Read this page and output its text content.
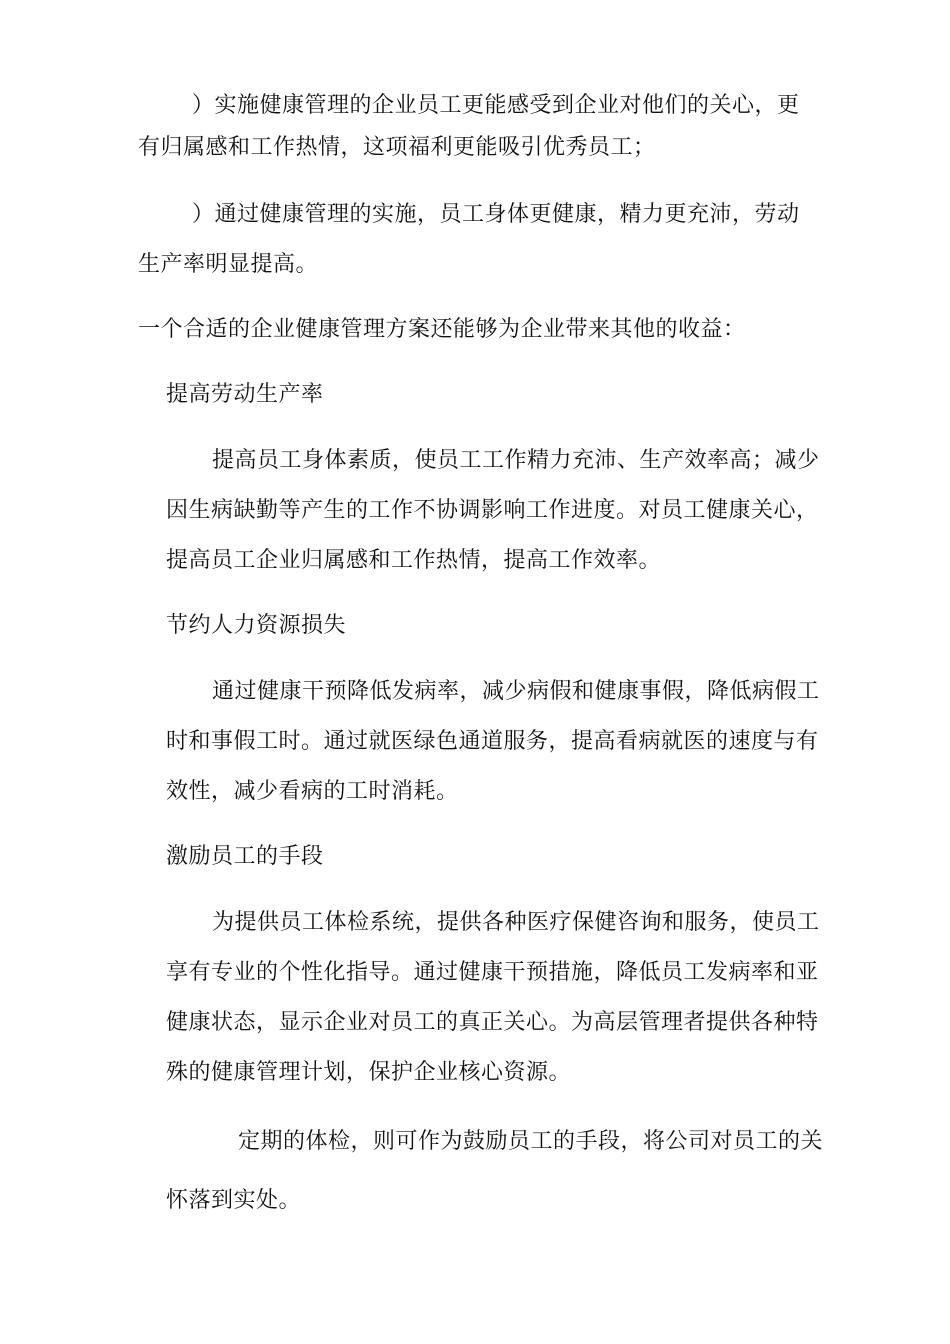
）实施健康管理的企业员工更能感受到企业对他们的关心，更

有归属感和工作热情，这项福利更能吸引优秀员工；

）通过健康管理的实施，员工身体更健康，精力更充沛，劳动

生产率明显提高。

一个合适的企业健康管理方案还能够为企业带来其他的收益：

提高劳动生产率

提高员工身体素质，使员工工作精力充沛、生产效率高；减少

因生病缺勤等产生的工作不协调影响工作进度。对员工健康关心，

提高员工企业归属感和工作热情，提高工作效率。

节约人力资源损失

通过健康干预降低发病率，减少病假和健康事假，降低病假工

时和事假工时。通过就医绿色通道服务，提高看病就医的速度与有

效性，减少看病的工时消耗。

激励员工的手段

为提供员工体检系统，提供各种医疗保健咨询和服务，使员工

享有专业的个性化指导。通过健康干预措施，降低员工发病率和亚

健康状态，显示企业对员工的真正关心。为高层管理者提供各种特

殊的健康管理计划，保护企业核心资源。

定期的体检，则可作为鼓励员工的手段，将公司对员工的关

怀落到实处。
